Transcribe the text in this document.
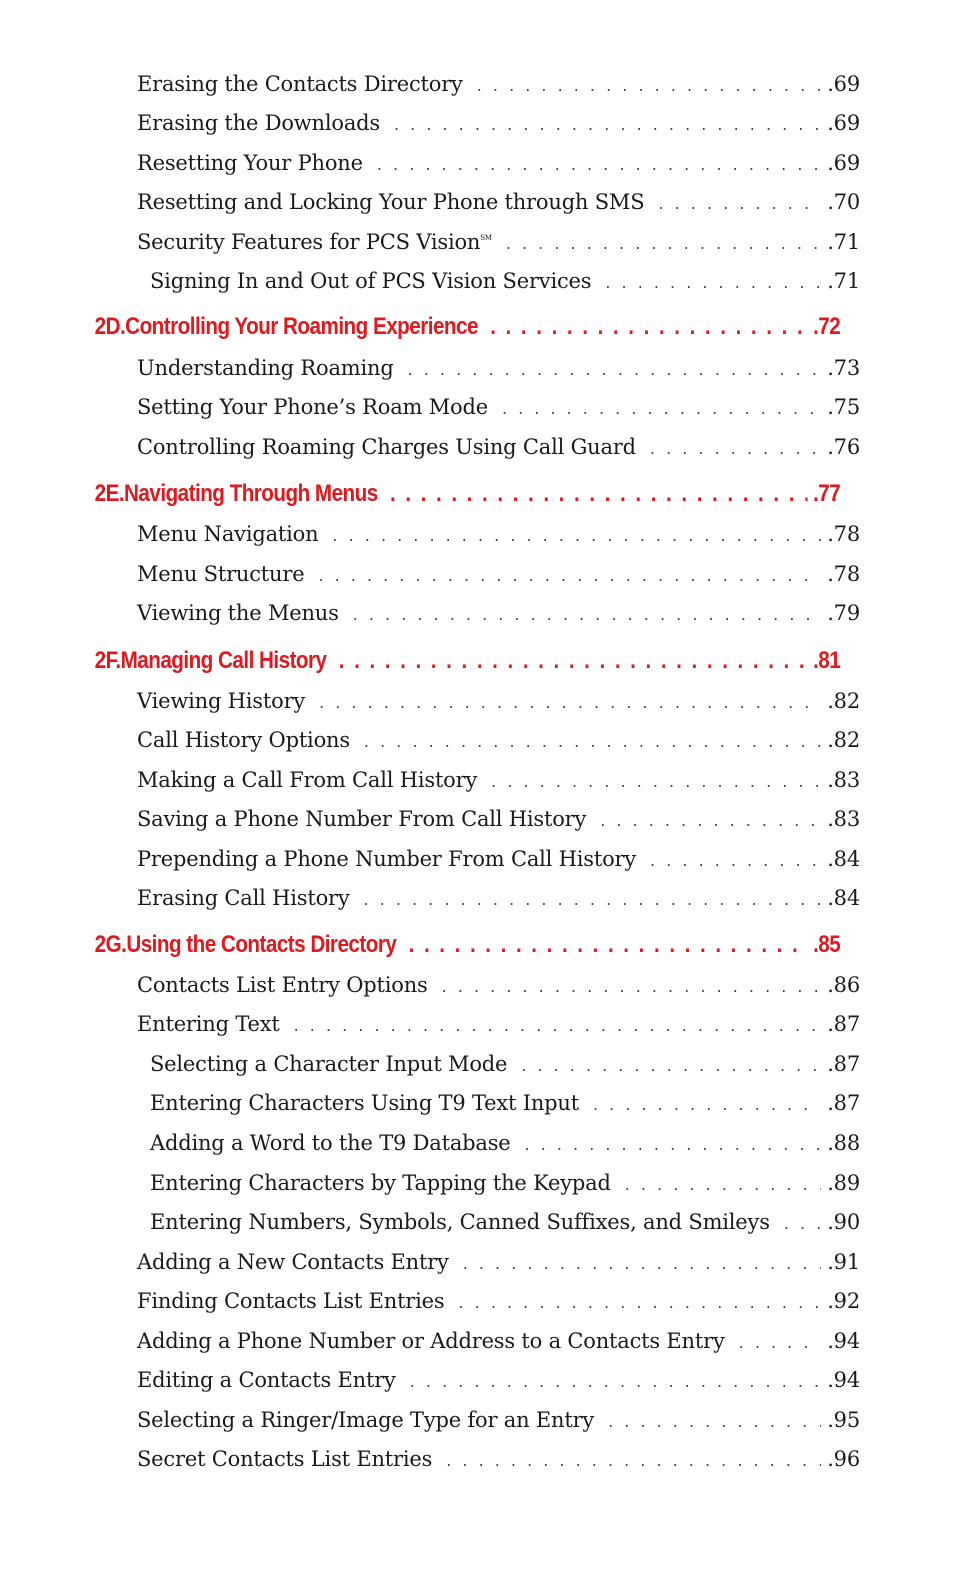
Erasing the Contacts Directory . . .	.69
Erasing the Downloads . . .	.69
Resetting Your Phone . . .	.69
Resetting and Locking Your Phone through SMS . . .	.70
Security Features for PCS Vision℠ . . .	.71
Signing In and Out of PCS Vision Services . . .	.71
2D. Controlling Your Roaming Experience . . .	.72
Understanding Roaming . . .	.73
Setting Your Phone’s Roam Mode . . .	.75
Controlling Roaming Charges Using Call Guard . . .	.76
2E. Navigating Through Menus . . .	.77
Menu Navigation . . .	.78
Menu Structure . . .	.78
Viewing the Menus . . .	.79
2F. Managing Call History . . .	.81
Viewing History . . .	.82
Call History Options . . .	.82
Making a Call From Call History . . .	.83
Saving a Phone Number From Call History . . .	.83
Prepending a Phone Number From Call History . . .	.84
Erasing Call History . . .	.84
2G. Using the Contacts Directory . . .	.85
Contacts List Entry Options . . .	.86
Entering Text . . .	.87
Selecting a Character Input Mode . . .	.87
Entering Characters Using T9 Text Input . . .	.87
Adding a Word to the T9 Database . . .	.88
Entering Characters by Tapping the Keypad . . .	.89
Entering Numbers, Symbols, Canned Suffixes, and Smileys . . .	.90
Adding a New Contacts Entry . . .	.91
Finding Contacts List Entries . . .	.92
Adding a Phone Number or Address to a Contacts Entry . . .	.94
Editing a Contacts Entry . . .	.94
Selecting a Ringer/Image Type for an Entry . . .	.95
Secret Contacts List Entries . . .	.96
